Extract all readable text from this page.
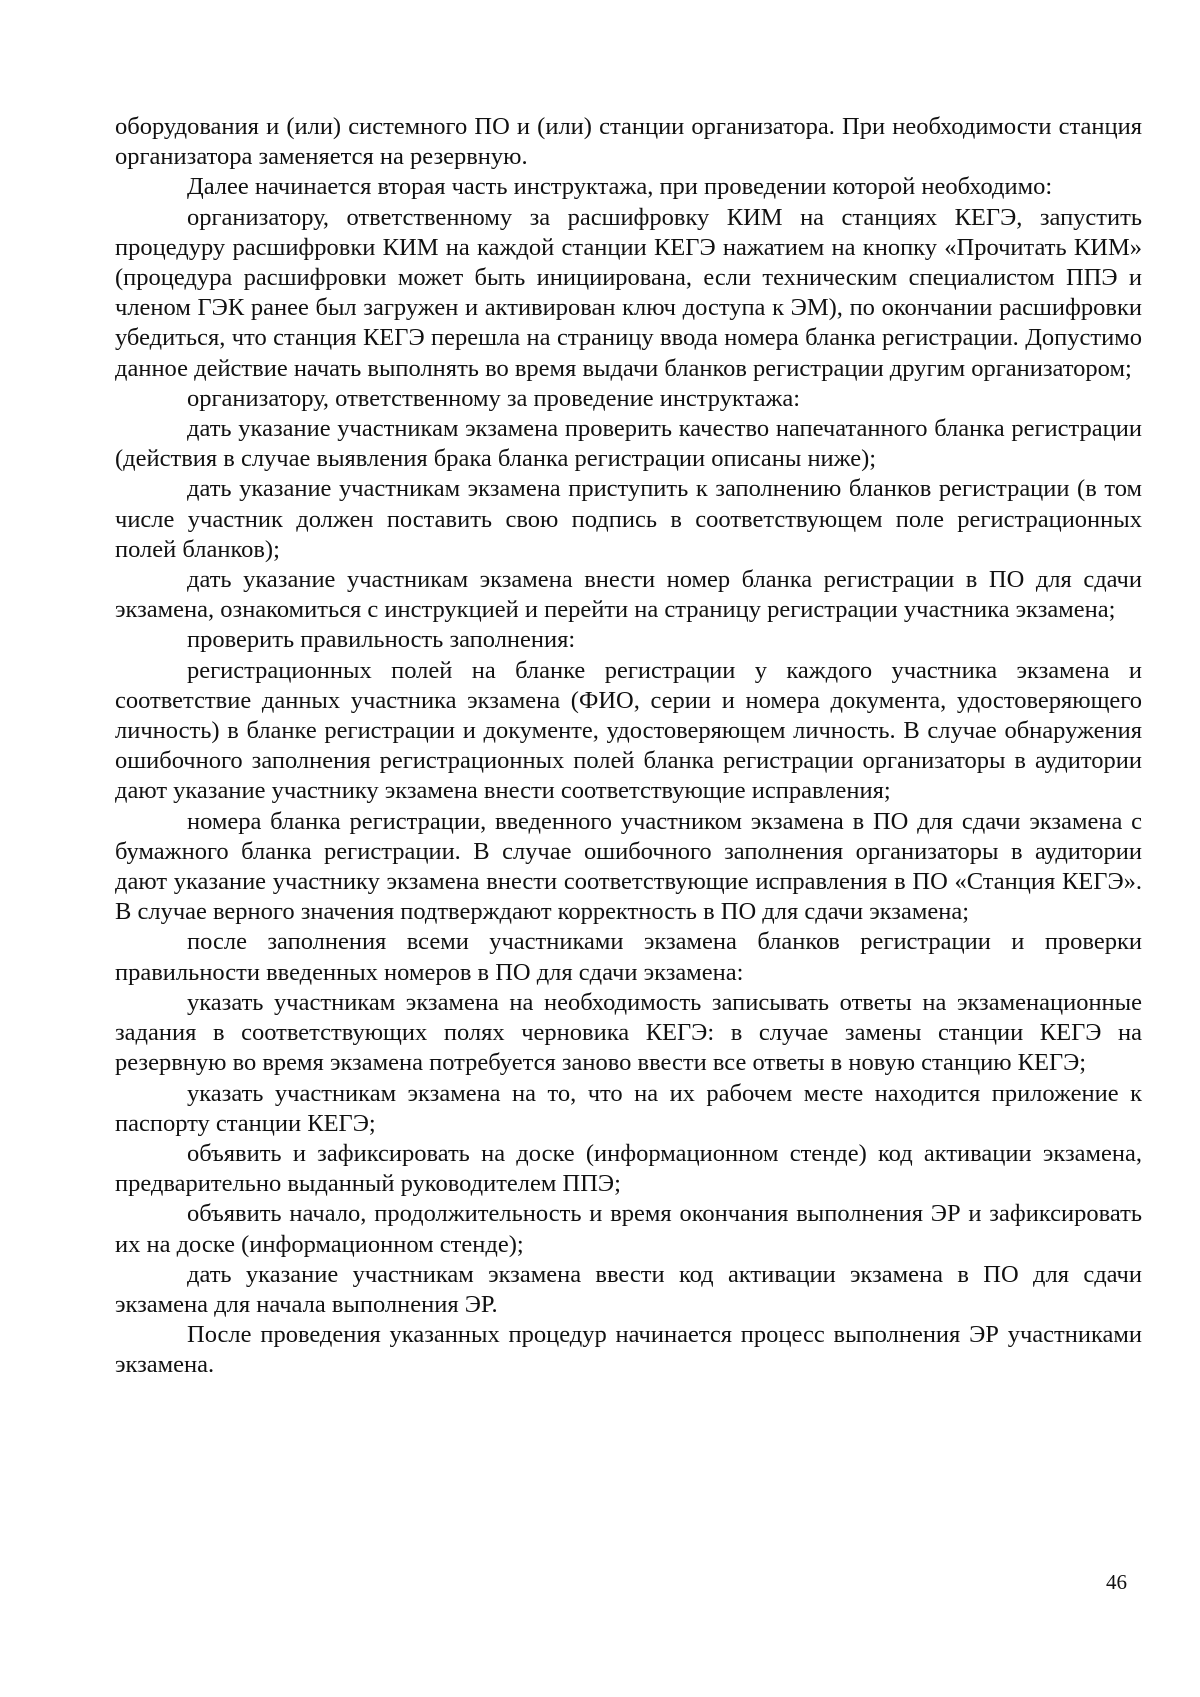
оборудования и (или) системного ПО и (или) станции организатора. При необходимости станция организатора заменяется на резервную.

Далее начинается вторая часть инструктажа, при проведении которой необходимо:

организатору, ответственному за расшифровку КИМ на станциях КЕГЭ, запустить процедуру расшифровки КИМ на каждой станции КЕГЭ нажатием на кнопку «Прочитать КИМ» (процедура расшифровки может быть инициирована, если техническим специалистом ППЭ и членом ГЭК ранее был загружен и активирован ключ доступа к ЭМ), по окончании расшифровки убедиться, что станция КЕГЭ перешла на страницу ввода номера бланка регистрации. Допустимо данное действие начать выполнять во время выдачи бланков регистрации другим организатором;

организатору, ответственному за проведение инструктажа:

дать указание участникам экзамена проверить качество напечатанного бланка регистрации (действия в случае выявления брака бланка регистрации описаны ниже);

дать указание участникам экзамена приступить к заполнению бланков регистрации (в том числе участник должен поставить свою подпись в соответствующем поле регистрационных полей бланков);

дать указание участникам экзамена внести номер бланка регистрации в ПО для сдачи экзамена, ознакомиться с инструкцией и перейти на страницу регистрации участника экзамена;

проверить правильность заполнения:

регистрационных полей на бланке регистрации у каждого участника экзамена и соответствие данных участника экзамена (ФИО, серии и номера документа, удостоверяющего личность) в бланке регистрации и документе, удостоверяющем личность. В случае обнаружения ошибочного заполнения регистрационных полей бланка регистрации организаторы в аудитории дают указание участнику экзамена внести соответствующие исправления;

номера бланка регистрации, введенного участником экзамена в ПО для сдачи экзамена с бумажного бланка регистрации. В случае ошибочного заполнения организаторы в аудитории дают указание участнику экзамена внести соответствующие исправления в ПО «Станция КЕГЭ». В случае верного значения подтверждают корректность в ПО для сдачи экзамена;

после заполнения всеми участниками экзамена бланков регистрации и проверки правильности введенных номеров в ПО для сдачи экзамена:

указать участникам экзамена на необходимость записывать ответы на экзаменационные задания в соответствующих полях черновика КЕГЭ: в случае замены станции КЕГЭ на резервную во время экзамена потребуется заново ввести все ответы в новую станцию КЕГЭ;

указать участникам экзамена на то, что на их рабочем месте находится приложение к паспорту станции КЕГЭ;

объявить и зафиксировать на доске (информационном стенде) код активации экзамена, предварительно выданный руководителем ППЭ;

объявить начало, продолжительность и время окончания выполнения ЭР и зафиксировать их на доске (информационном стенде);

дать указание участникам экзамена ввести код активации экзамена в ПО для сдачи экзамена для начала выполнения ЭР.

После проведения указанных процедур начинается процесс выполнения ЭР участниками экзамена.

46
